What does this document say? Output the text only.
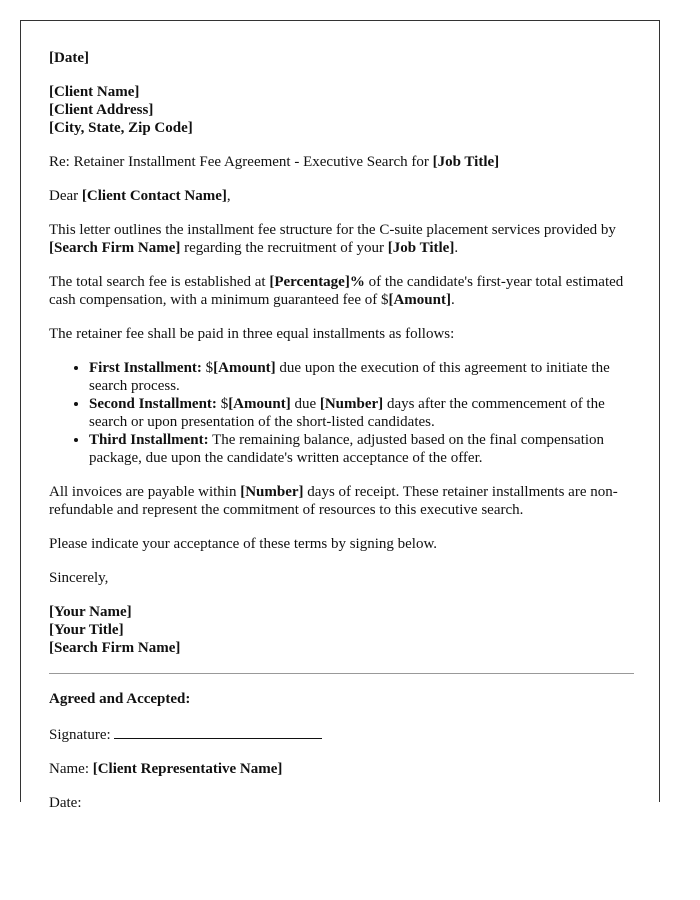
[Date]

[Client Name]
[Client Address]
[City, State, Zip Code]

Re: Retainer Installment Fee Agreement - Executive Search for [Job Title]

Dear [Client Contact Name],

This letter outlines the installment fee structure for the C-suite placement services provided by [Search Firm Name] regarding the recruitment of your [Job Title].

The total search fee is established at [Percentage]% of the candidate's first-year total estimated cash compensation, with a minimum guaranteed fee of $[Amount].

The retainer fee shall be paid in three equal installments as follows:

• First Installment: $[Amount] due upon the execution of this agreement to initiate the search process.
• Second Installment: $[Amount] due [Number] days after the commencement of the search or upon presentation of the short-listed candidates.
• Third Installment: The remaining balance, adjusted based on the final compensation package, due upon the candidate's written acceptance of the offer.

All invoices are payable within [Number] days of receipt. These retainer installments are non-refundable and represent the commitment of resources to this executive search.

Please indicate your acceptance of these terms by signing below.

Sincerely,

[Your Name]
[Your Title]
[Search Firm Name]

Agreed and Accepted:

Signature:

Name: [Client Representative Name]

Date:
